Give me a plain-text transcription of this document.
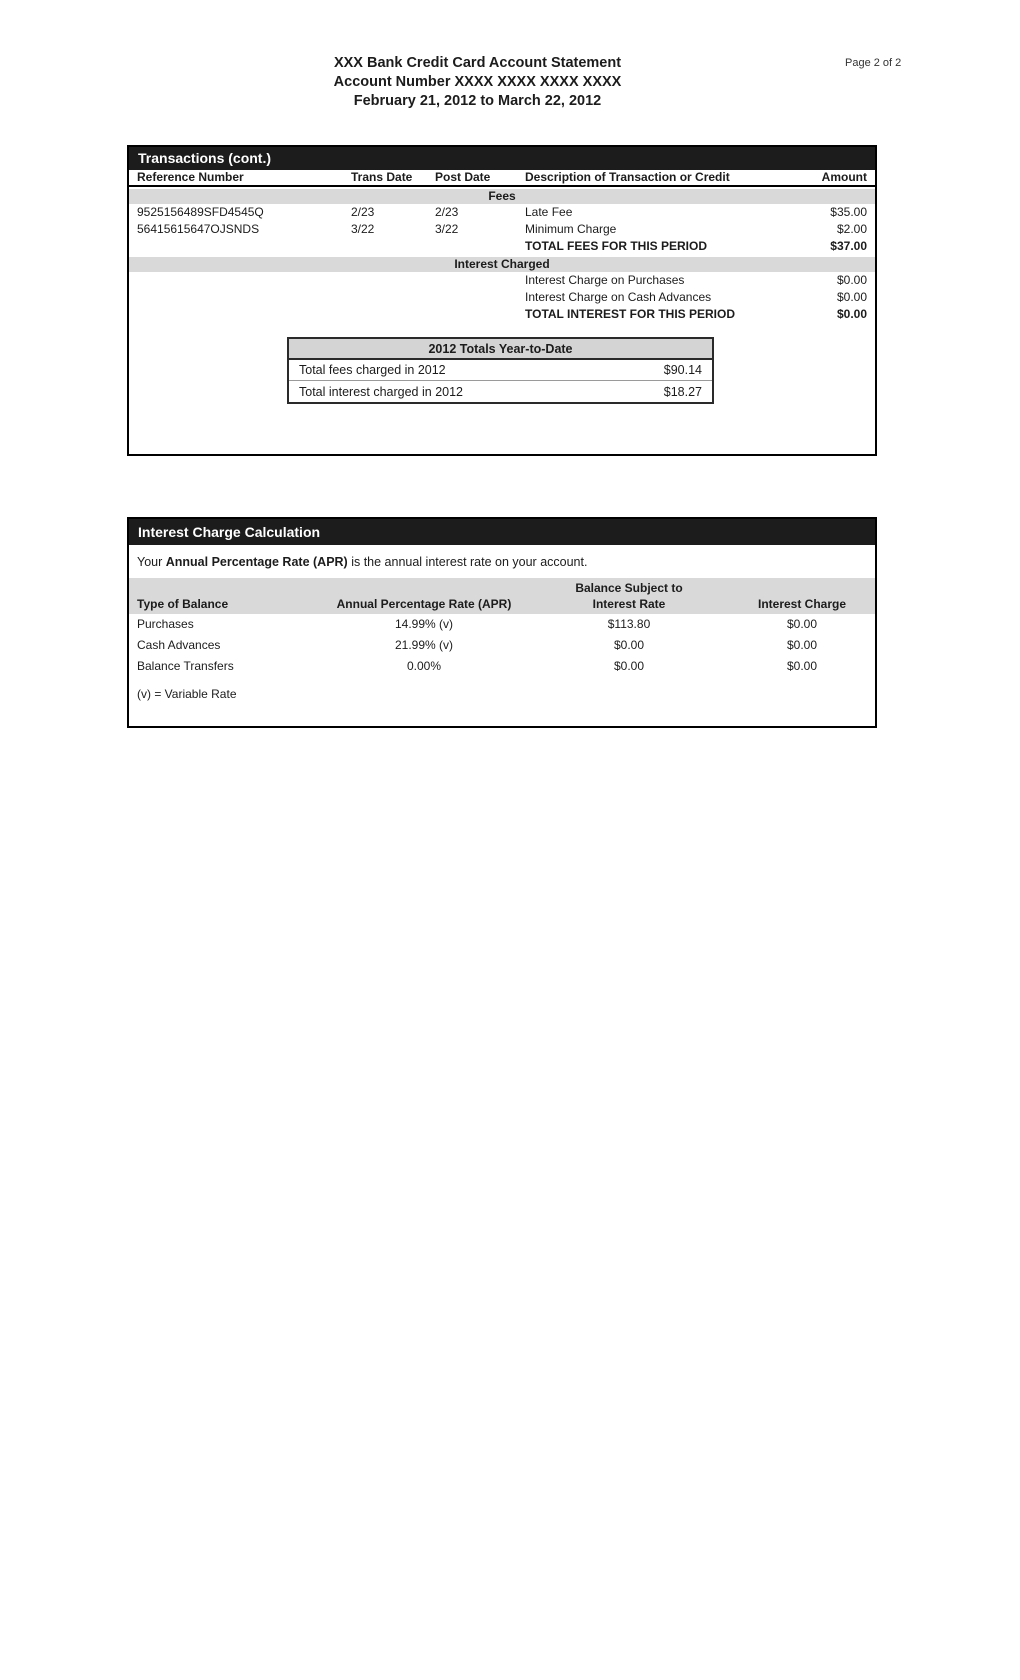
XXX Bank Credit Card Account Statement
Account Number XXXX XXXX XXXX XXXX
February 21, 2012 to March 22, 2012
Page 2 of 2
Transactions (cont.)
Reference Number	Trans Date Post Date	Description of Transaction or Credit	Amount
Fees
9525156489SFD4545Q	2/23	2/23	Late Fee	$35.00
56415615647OJSNDS	3/22	3/22	Minimum Charge	$2.00
TOTAL FEES FOR THIS PERIOD	$37.00
Interest Charged
Interest Charge on Purchases	$0.00
Interest Charge on Cash Advances	$0.00
TOTAL INTEREST FOR THIS PERIOD	$0.00
2012 Totals Year-to-Date
Total fees charged in 2012	$90.14
Total interest charged in 2012	$18.27
Interest Charge Calculation
Your Annual Percentage Rate (APR) is the annual interest rate on your account.
Type of Balance	Annual Percentage Rate (APR)
Balance Subject to
Interest Rate	Interest Charge
Purchases	14.99% (v)	$113.80	$0.00
Cash Advances	21.99% (v)	$0.00	$0.00
Balance Transfers	0.00%	$0.00	$0.00
(v) = Variable Rate
